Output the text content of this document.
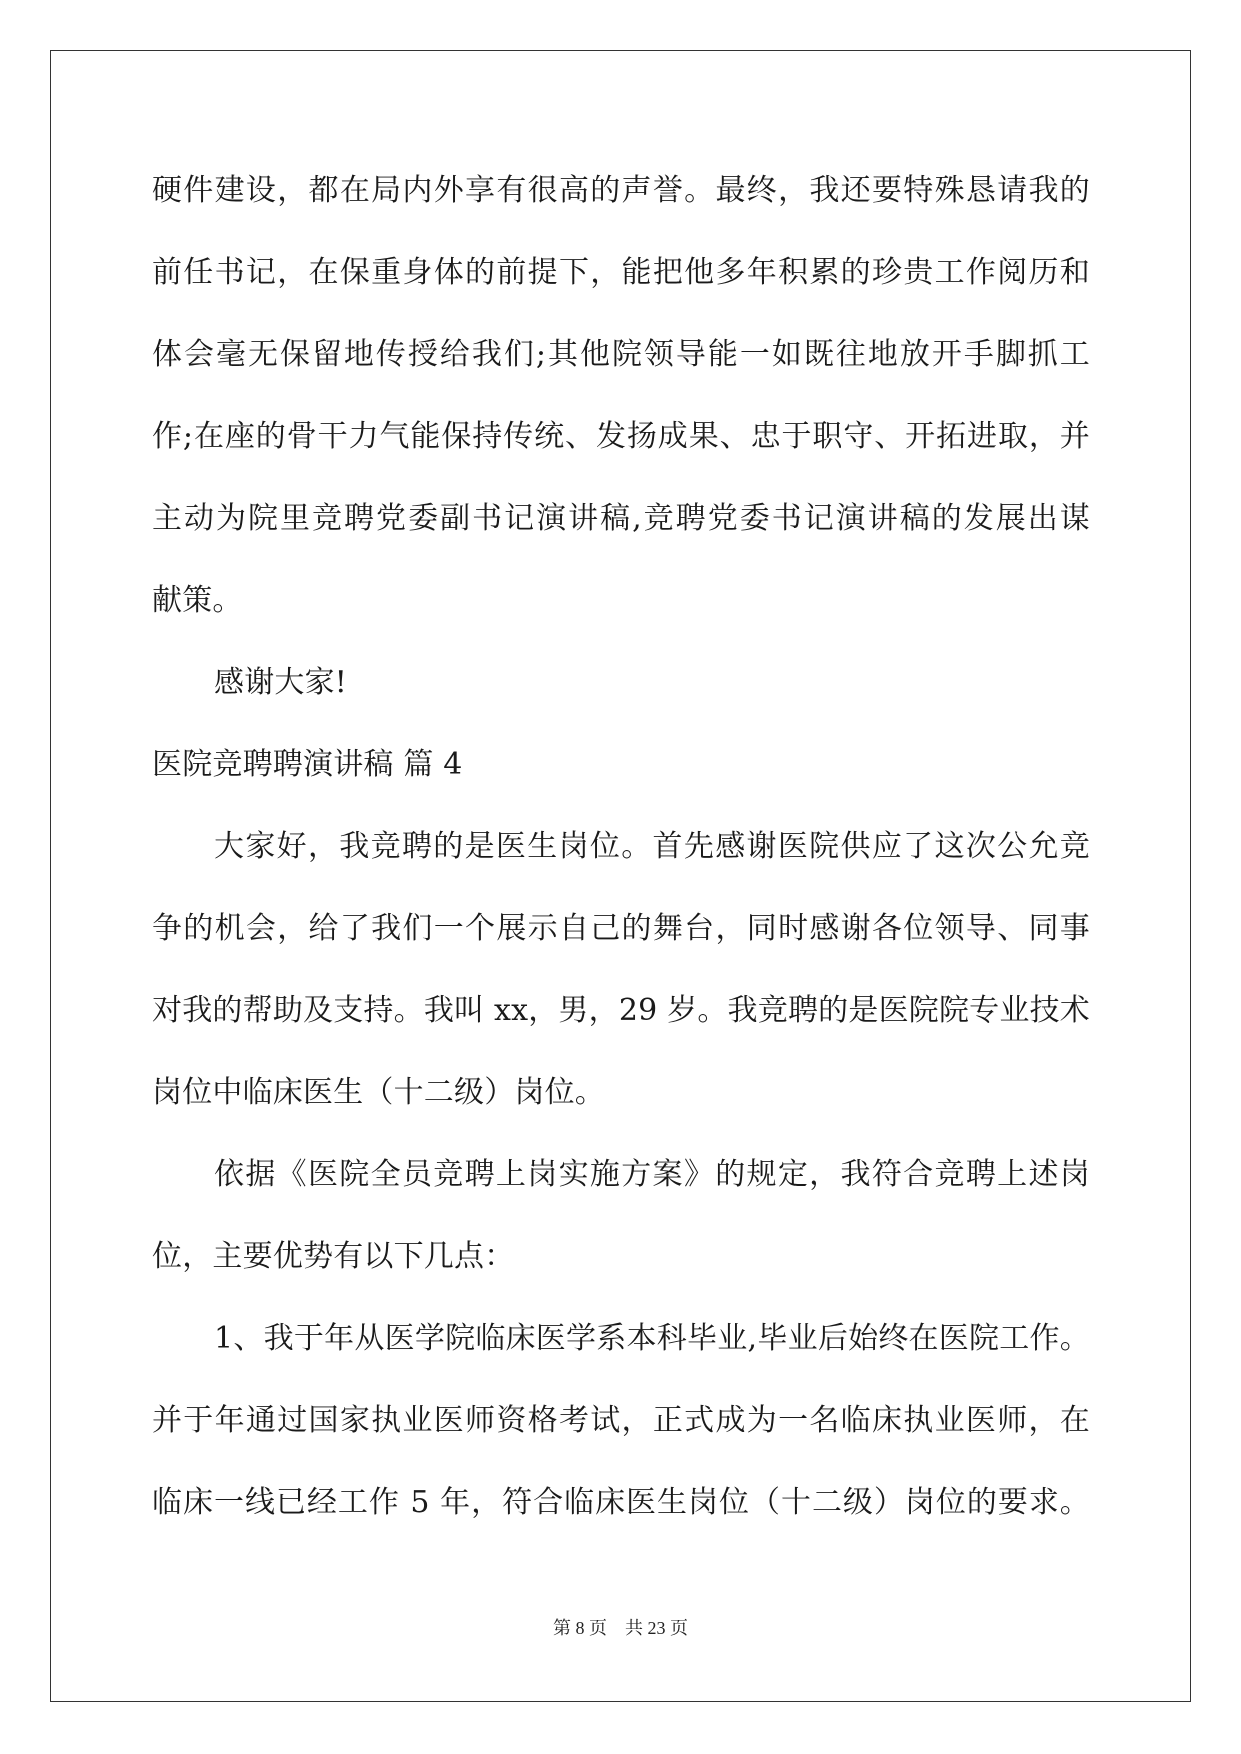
硬件建设，都在局内外享有很高的声誉。最终，我还要特殊恳请我的
前任书记，在保重身体的前提下，能把他多年积累的珍贵工作阅历和
体会毫无保留地传授给我们;其他院领导能一如既往地放开手脚抓工
作;在座的骨干力气能保持传统、发扬成果、忠于职守、开拓进取，并
主动为院里竞聘党委副书记演讲稿,竞聘党委书记演讲稿的发展出谋
献策。
感谢大家!
医院竞聘聘演讲稿 篇 4
大家好，我竞聘的是医生岗位。首先感谢医院供应了这次公允竞
争的机会，给了我们一个展示自己的舞台，同时感谢各位领导、同事
对我的帮助及支持。我叫 xx，男，29 岁。我竞聘的是医院院专业技术
岗位中临床医生（十二级）岗位。
依据《医院全员竞聘上岗实施方案》的规定，我符合竞聘上述岗
位，主要优势有以下几点：
1、我于年从医学院临床医学系本科毕业,毕业后始终在医院工作。
并于年通过国家执业医师资格考试，正式成为一名临床执业医师，在
临床一线已经工作 5 年，符合临床医生岗位（十二级）岗位的要求。
第 8 页 共 23 页
